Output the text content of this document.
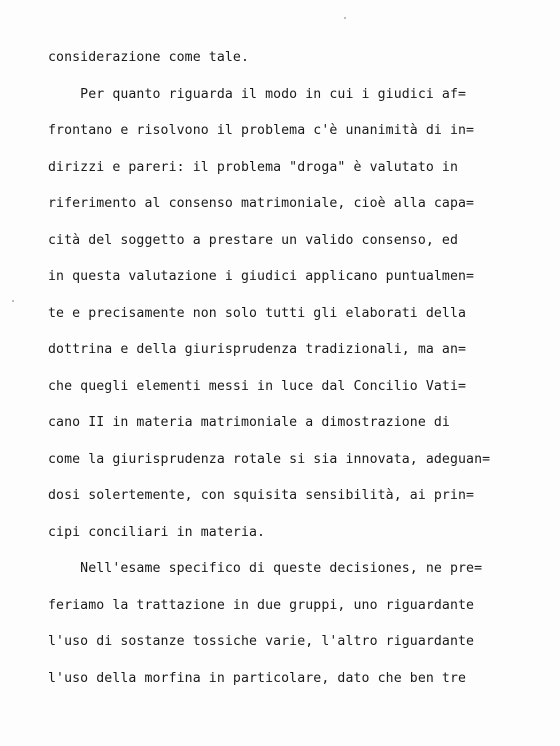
considerazione come tale.
Per quanto riguarda il modo in cui i giudici af=
frontano e risolvono il problema c'è unanimità di in=
dirizzi e pareri: il problema "droga" è valutato in
riferimento al consenso matrimoniale, cioè alla capa=
cità del soggetto a prestare un valido consenso, ed
in questa valutazione i giudici applicano puntualmen=
te e precisamente non solo tutti gli elaborati della
dottrina e della giurisprudenza tradizionali, ma an=
che quegli elementi messi in luce dal Concilio Vati=
cano II in materia matrimoniale a dimostrazione di
come la giurisprudenza rotale si sia innovata, adeguan=
dosi solertemente, con squisita sensibilità, ai prin=
cipi conciliari in materia.
Nell'esame specifico di queste decisiones, ne pre=
feriamo la trattazione in due gruppi, uno riguardante
l'uso di sostanze tossiche varie, l'altro riguardante
l'uso della morfina in particolare, dato che ben tre
